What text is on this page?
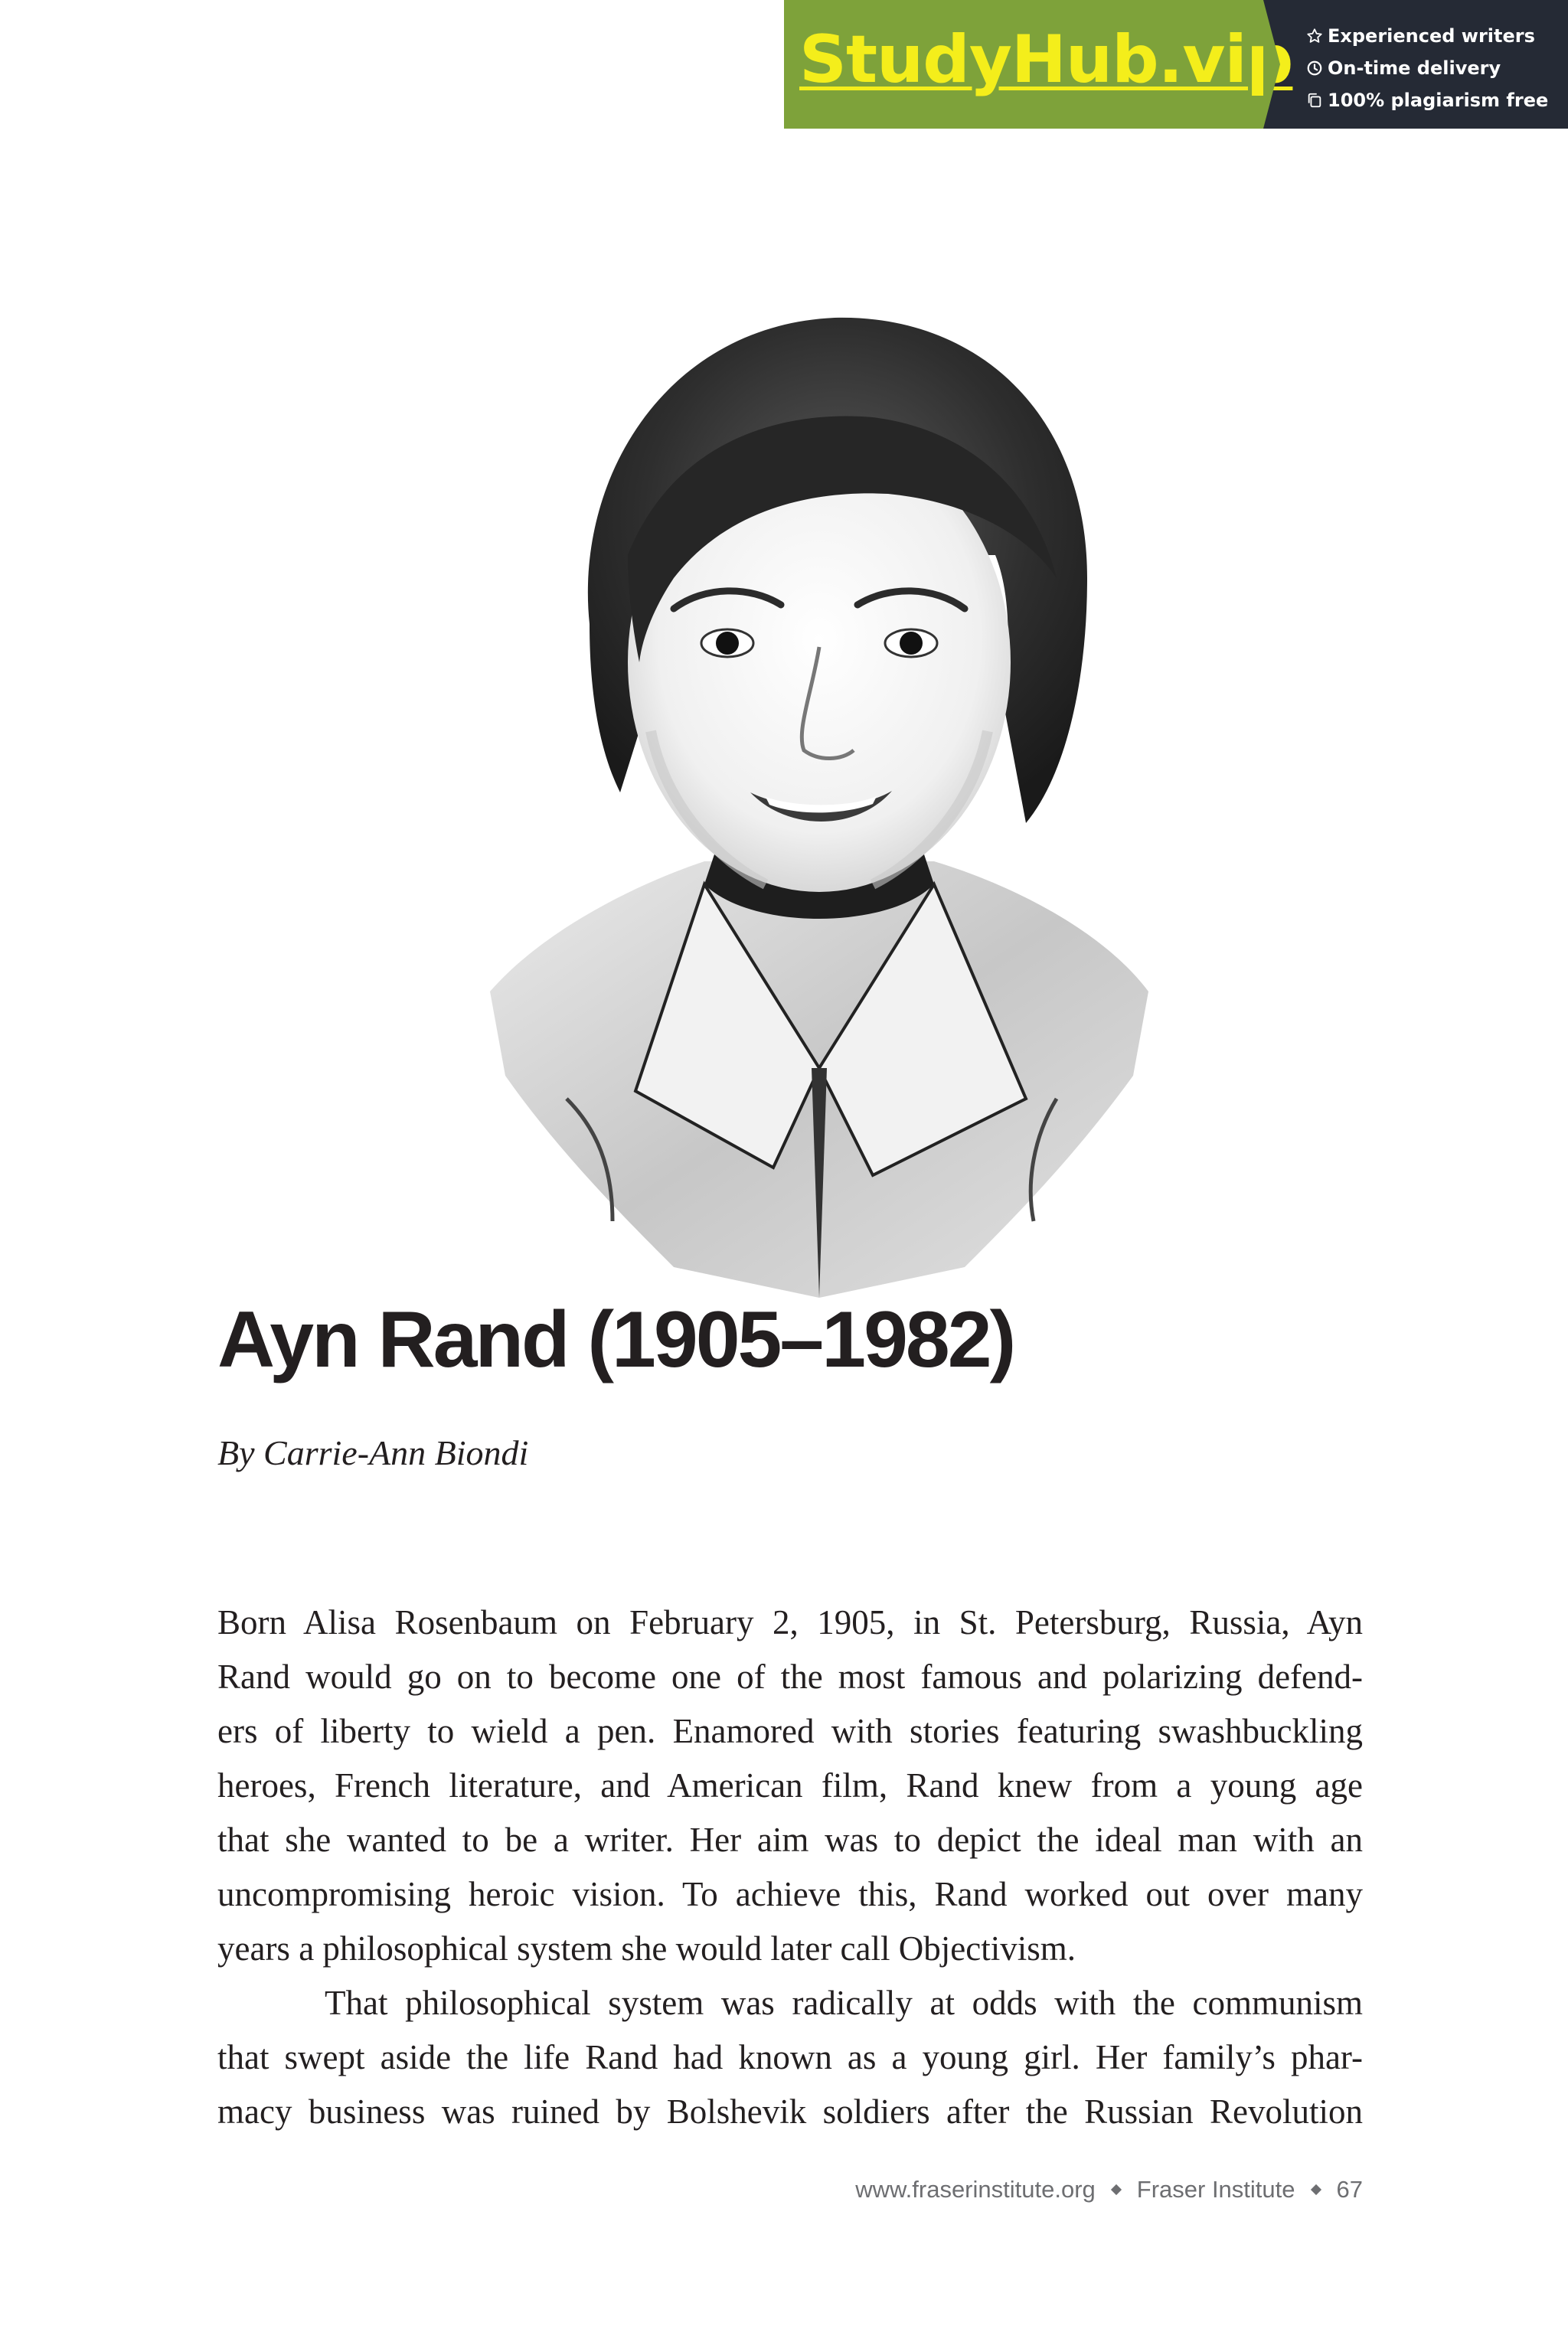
StudyHub.vip Experienced writers
On-time delivery
100% plagiarism free
Ayn Rand (1905–1982)

By Carrie-Ann Biondi

Born Alisa Rosenbaum on February 2, 1905, in St. Petersburg, Russia, Ayn
Rand would go on to become one of the most famous and polarizing defend-
ers of liberty to wield a pen. Enamored with stories featuring swashbuckling
heroes, French literature, and American film, Rand knew from a young age
that she wanted to be a writer. Her aim was to depict the ideal man with an
uncompromising heroic vision. To achieve this, Rand worked out over many
years a philosophical system she would later call Objectivism.
That philosophical system was radically at odds with the communism
that swept aside the life Rand had known as a young girl. Her family’s phar-
macy business was ruined by Bolshevik soldiers after the Russian Revolution
www.fraserinstitute.org Fraser Institute 67
